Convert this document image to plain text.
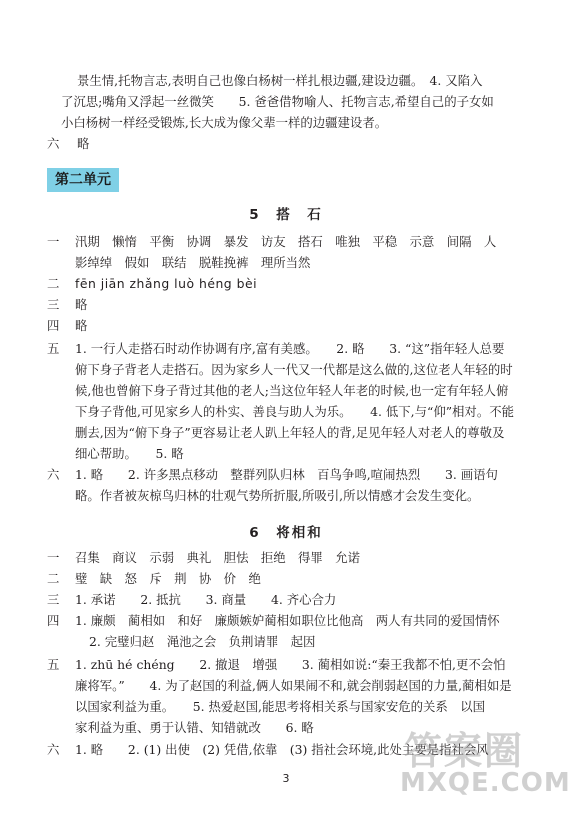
景生情,托物言志,表明自己也像白杨树一样扎根边疆,建设边疆。　4. 又陷入
了沉思;嘴角又浮起一丝微笑　　5. 爸爸借物喻人、托物言志,希望自己的子女如
小白杨树一样经受锻炼,长大成为像父辈一样的边疆建设者。
六 略
第二单元
5　搭　石
一 汛期　懒惰　平衡　协调　暴发　访友　搭石　唯独　平稳　示意　间隔　人
影绰绰　假如　联结　脱鞋挽裤　理所当然
二 fēn jiān zhǎng luò héng bèi
三 略
四 略
五 1. 一行人走搭石时动作协调有序,富有美感。　　2. 略　　3. “这”指年轻人总要
俯下身子背老人走搭石。因为家乡人一代又一代都是这么做的,这位老人年轻的时
候,他也曾俯下身子背过其他的老人;当这位年轻人年老的时候,也一定有年轻人俯
下身子背他,可见家乡人的朴实、善良与助人为乐。　　4. 低下,与“仰”相对。不能
删去,因为“俯下身子”更容易让老人趴上年轻人的背,足见年轻人对老人的尊敬及
细心帮助。　　5. 略
六 1. 略　　2. 许多黑点移动　整群列队归林　百鸟争鸣,喧闹热烈　　3. 画语句
略。作者被灰椋鸟归林的壮观气势所折服,所吸引,所以情感才会发生变化。
6　将相和
一 召集　商议　示弱　典礼　胆怯　拒绝　得罪　允诺
二 璧　缺　怒　斥　荆　协　价　绝
三 1. 承诺　　2. 抵抗　　3. 商量　　4. 齐心合力
四 1. 廉颇　蔺相如　和好　廉颇嫉妒蔺相如职位比他高　两人有共同的爱国情怀
2. 完璧归赵　渑池之会　负荆请罪　起因
五 1. zhū hé chéng　　2. 撤退　增强　　3. 蔺相如说:“秦王我都不怕,更不会怕
廉将军。”　　4. 为了赵国的利益,俩人如果闹不和,就会削弱赵国的力量,蔺相如是
以国家利益为重。　　5. 热爱赵国,能思考将相关系与国家安危的关系　以国
家利益为重、勇于认错、知错就改　　6. 略
六 1. 略　　2. (1) 出使　(2) 凭借,依靠　(3) 指社会环境,此处主要是指社会风
3
答案圈
MXQE.COM
